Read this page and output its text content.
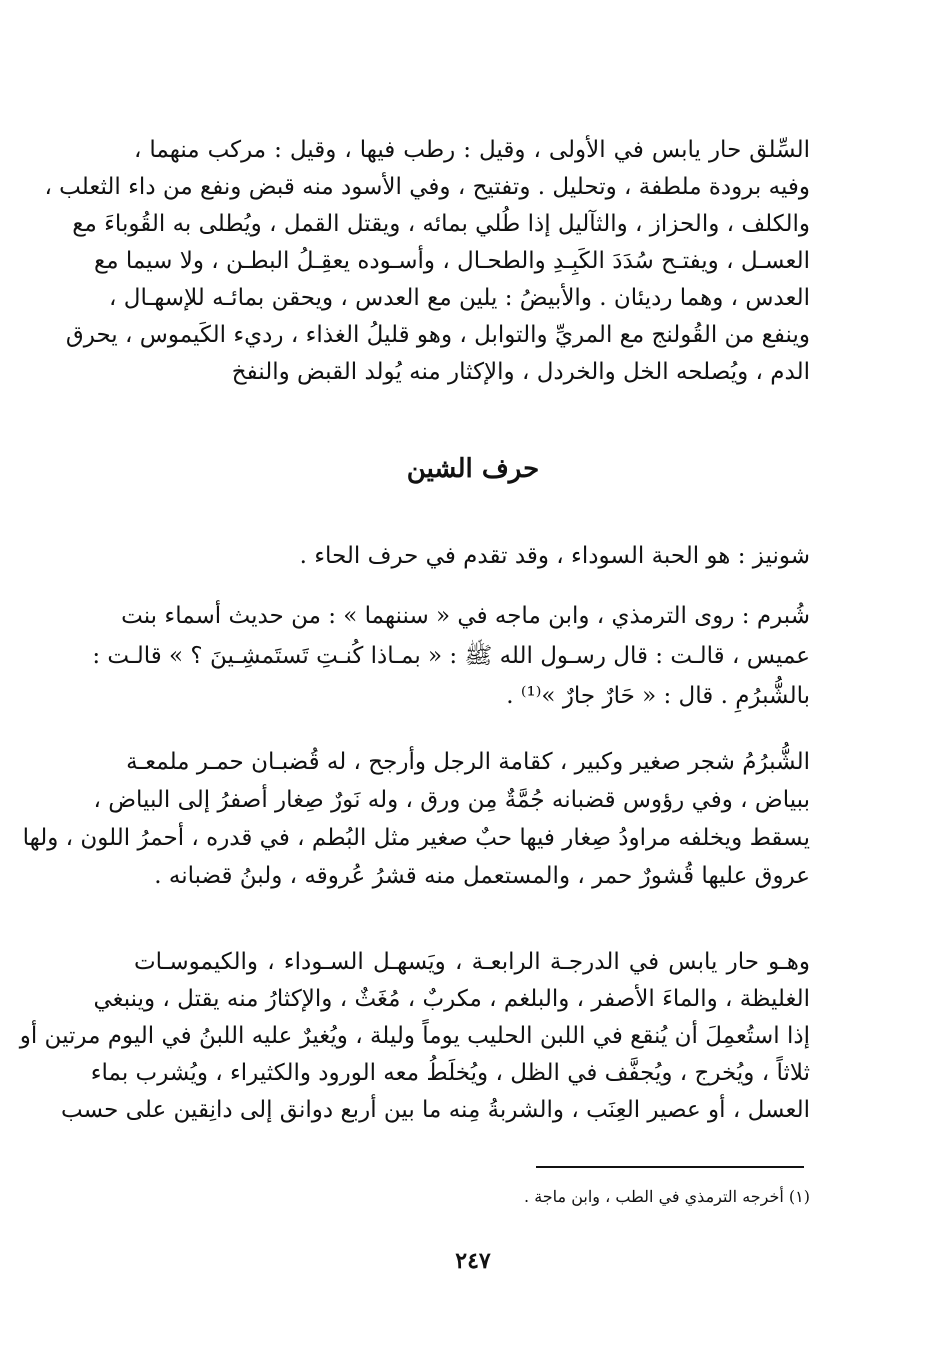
السِّلق حار يابس في الأولى ، وقيل : رطب فيها ، وقيل : مركب منهما ،
وفيه برودة ملطفة ، وتحليل . وتفتيح ، وفي الأسود منه قبض ونفع من داء الثعلب ،
والكلف ، والحزاز ، والثآليل إذا طُلي بمائه ، ويقتل القمل ، ويُطلى به القُوباءَ مع
العسـل ، ويفتـح سُدَدَ الكَبِـدِ والطحـال ، وأسـوده يعقِـلُ البطـن ، ولا سيما مع
العدس ، وهما رديئان . والأبيضُ : يلين مع العدس ، ويحقن بمائـه للإسهـال ،
وينفع من القُولنج مع المريِّ والتوابل ، وهو قليلُ الغذاء ، رديء الكَيموس ، يحرق
الدم ، ويُصلحه الخل والخردل ، والإكثار منه يُولد القبض والنفخ
حرف الشين
شونيز : هو الحبة السوداء ، وقد تقدم في حرف الحاء .
شُبرم : روى الترمذي ، وابن ماجه في « سننهما » : من حديث أسماء بنت
عميس ، قالـت : قال رسـول الله ﷺ : « بمـاذا كُنـتِ تَستَمشِـينَ ؟ » قالـت :
بالشُّبرُمِ . قال : « حَارٌ جارٌ »⁽¹⁾ .
الشُّبرُمُ شجر صغير وكبير ، كقامة الرجل وأرجح ، له قُضبـان حمـر ملمعـة
ببياض ، وفي رؤوس قضبانه جُمَّةٌ مِن ورق ، وله نَورٌ صِغار أصفرُ إلى البياض ،
يسقط ويخلفه مراودُ صِغار فيها حبٌ صغير مثل البُطم ، في قدره ، أحمرُ اللون ، ولها
عروق عليها قُشورٌ حمر ، والمستعمل منه قشرُ عُروقه ، ولبنُ قضبانه .
وهـو حار يابس في الدرجـة الرابعـة ، ويَسهـل السـوداء ، والكيموسـات
الغليظة ، والماءَ الأصفر ، والبلغم ، مكربٌ ، مُغَثٌ ، والإكثارُ منه يقتل ، وينبغي
إذا استُعمِلَ أن يُنقع في اللبن الحليب يوماً وليلة ، ويُغيرٌ عليه اللبنُ في اليوم مرتين أو
ثلاثاً ، ويُخرج ، ويُجفَّف في الظل ، ويُخلَطُ معه الورود والكثيراء ، ويُشرب بماء
العسل ، أو عصير العِنَب ، والشربةُ مِنه ما بين أربع دوانق إلى دانِقين على حسب
(١) أخرجه الترمذي في الطب ، وابن ماجة .
٢٤٧
